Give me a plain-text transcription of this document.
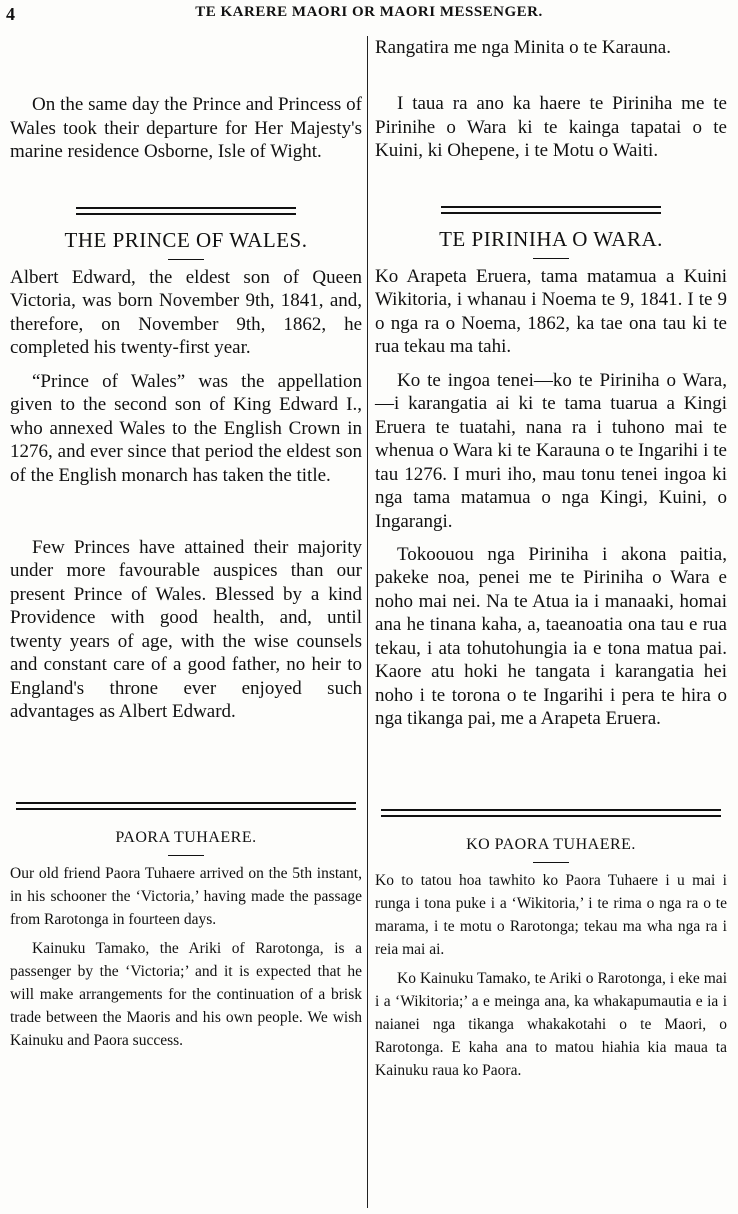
4	TE KARERE MAORI OR MAORI MESSENGER.

On the same day the Prince and Princess of Wales took their departure for Her Majesty's marine residence Osborne, Isle of Wight.

THE PRINCE OF WALES.

Albert Edward, the eldest son of Queen Victoria, was born November 9th, 1841, and, therefore, on November 9th, 1862, he completed his twenty-first year.

“Prince of Wales” was the appellation given to the second son of King Edward I., who annexed Wales to the English Crown in 1276, and ever since that period the eldest son of the English monarch has taken the title.

Few Princes have attained their majority under more favourable auspices than our present Prince of Wales. Blessed by a kind Providence with good health, and, until twenty years of age, with the wise counsels and constant care of a good father, no heir to England's throne ever enjoyed such advantages as Albert Edward.

PAORA TUHAERE.

Our old friend Paora Tuhaere arrived on the 5th instant, in his schooner the ‘Victoria,’ having made the passage from Rarotonga in fourteen days.

Kainuku Tamako, the Ariki of Rarotonga, is a passenger by the ‘Victoria;’ and it is expected that he will make arrangements for the continuation of a brisk trade between the Maoris and his own people. We wish Kainuku and Paora success.

Rangatira me nga Minita o te Karauna.

I taua ra ano ka haere te Piriniha me te Pirinihe o Wara ki te kainga tapatai o te Kuini, ki Ohepene, i te Motu o Waiti.

TE PIRINIHA O WARA.

Ko Arapeta Eruera, tama matamua a Kuini Wikitoria, i whanau i Noema te 9, 1841. I te 9 o nga ra o Noema, 1862, ka tae ona tau ki te rua tekau ma tahi.

Ko te ingoa tenei—ko te Piriniha o Wara,—i karangatia ai ki te tama tuarua a Kingi Eruera te tuatahi, nana ra i tuhono mai te whenua o Wara ki te Karauna o te Ingarihi i te tau 1276. I muri iho, mau tonu tenei ingoa ki nga tama matamua o nga Kingi, Kuini, o Ingarangi.

Tokoouou nga Piriniha i akona paitia, pakeke noa, penei me te Piriniha o Wara e noho mai nei. Na te Atua ia i manaaki, homai ana he tinana kaha, a, taeanoatia ona tau e rua tekau, i ata tohutohungia ia e tona matua pai. Kaore atu hoki he tangata i karangatia hei noho i te torona o te Ingarihi i pera te hira o nga tikanga pai, me a Arapeta Eruera.

KO PAORA TUHAERE.

Ko to tatou hoa tawhito ko Paora Tuhaere i u mai i runga i tona puke i a ‘Wikitoria,’ i te rima o nga ra o te marama, i te motu o Rarotonga; tekau ma wha nga ra i reia mai ai.

Ko Kainuku Tamako, te Ariki o Rarotonga, i eke mai i a ‘Wikitoria;’ a e meinga ana, ka whakapumautia e ia i naianei nga tikanga whakakotahi o te Maori, o Rarotonga. E kaha ana to matou hiahia kia maua ta Kainuku raua ko Paora.
